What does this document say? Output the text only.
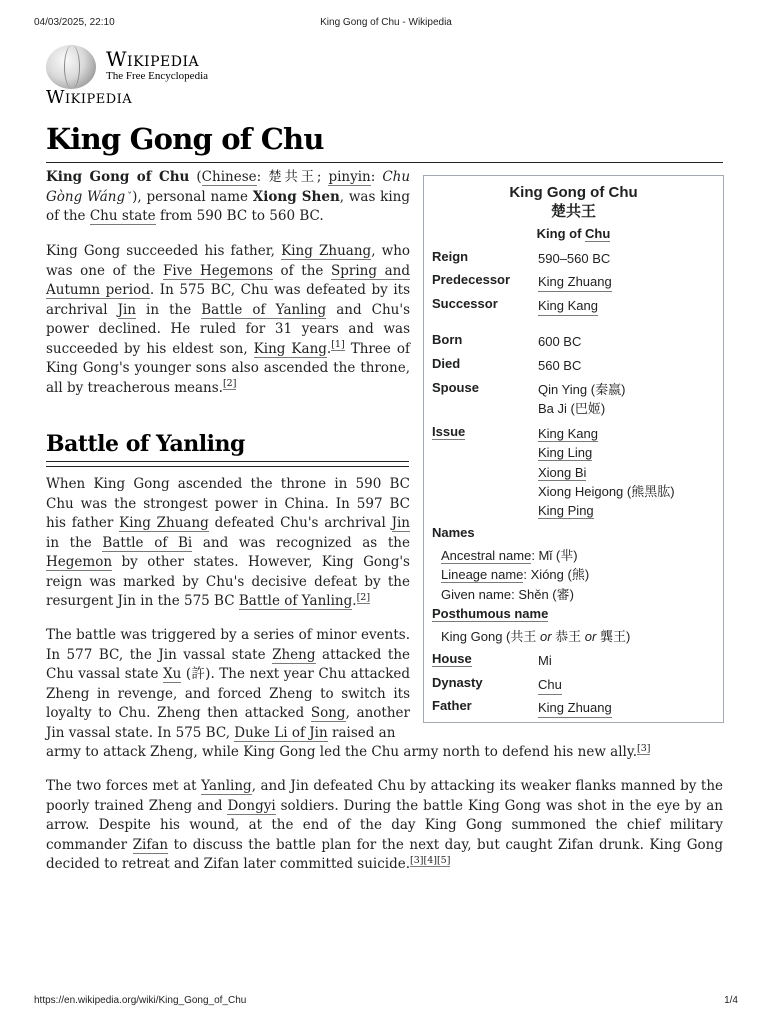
04/03/2025, 22:10	King Gong of Chu - Wikipedia
https://en.wikipedia.org/wiki/King_Gong_of_Chu	1/4
Wikipedia
The Free Encyclopedia
Wikipedia
King Gong of Chu

King Gong of Chu (Chinese: 楚共王; pinyin: Chu Gòng Wáng ˇ), personal name Xiong Shen, was king of the Chu state from 590 BC to 560 BC.

King Gong succeeded his father, King Zhuang, who was one of the Five Hegemons of the Spring and Autumn period. In 575 BC, Chu was defeated by its archrival Jin in the Battle of Yanling and Chu's power declined. He ruled for 31 years and was succeeded by his eldest son, King Kang.[1] Three of King Gong's younger sons also ascended the throne, all by treacherous means.[2]

Battle of Yanling

When King Gong ascended the throne in 590 BC Chu was the strongest power in China. In 597 BC his father King Zhuang defeated Chu's archrival Jin in the Battle of Bi and was recognized as the Hegemon by other states. However, King Gong's reign was marked by Chu's decisive defeat by the resurgent Jin in the 575 BC Battle of Yanling.[2]

The battle was triggered by a series of minor events. In 577 BC, the Jin vassal state Zheng attacked the Chu vassal state Xu (許). The next year Chu attacked Zheng in revenge, and forced Zheng to switch its loyalty to Chu. Zheng then attacked Song, another Jin vassal state. In 575 BC, Duke Li of Jin raised an

army to attack Zheng, while King Gong led the Chu army north to defend his new ally.[3]

The two forces met at Yanling, and Jin defeated Chu by attacking its weaker flanks manned by the poorly trained Zheng and Dongyi soldiers. During the battle King Gong was shot in the eye by an arrow. Despite his wound, at the end of the day King Gong summoned the chief military commander Zifan to discuss the battle plan for the next day, but caught Zifan drunk. King Gong decided to retreat and Zifan later committed suicide.[3][4][5]

King Gong of Chu
楚共王
King of Chu
Reign	590–560 BC
Predecessor King Zhuang
Successor	King Kang
Born	600 BC
Died	560 BC
Spouse	Qin Ying (秦嬴)
Ba Ji (巴姬)
Issue	King Kang
King Ling
Xiong Bi
Xiong Heigong (熊黑肱)
King Ping
Names
Ancestral name: Mǐ (芈)
Lineage name: Xióng (熊)
Given name: Shěn (審)
Posthumous name
King Gong (共王 or 恭王 or 龔王)
House	Mi
Dynasty	Chu
Father	King Zhuang
